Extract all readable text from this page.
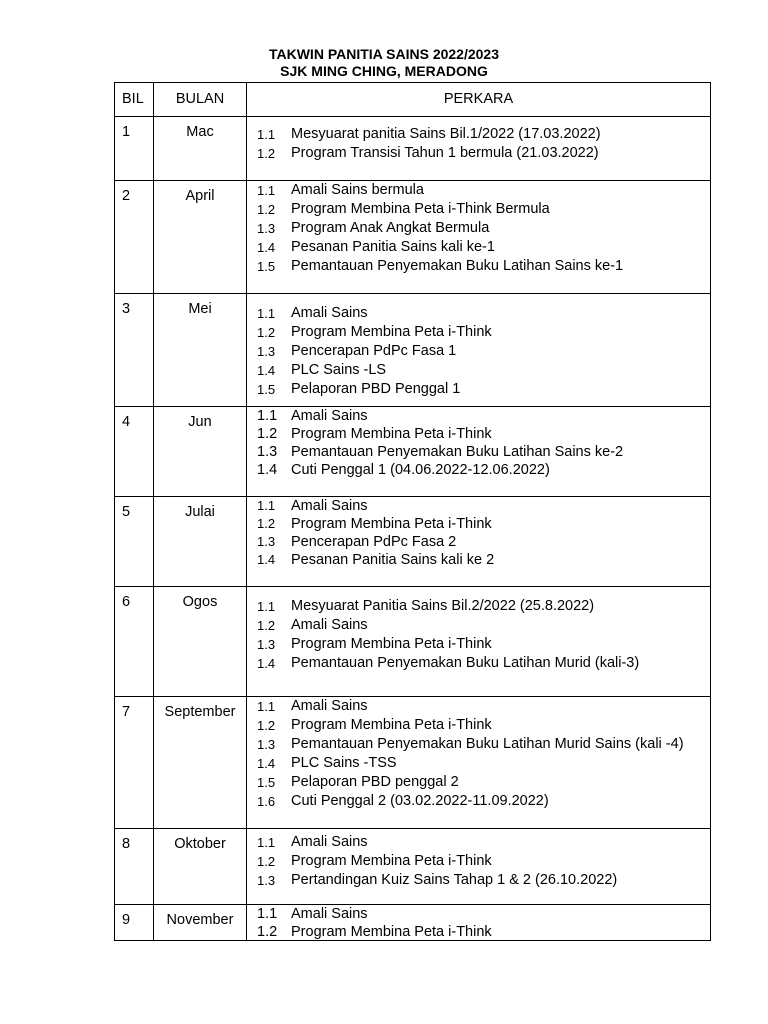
TAKWIN PANITIA SAINS 2022/2023
SJK MING CHING, MERADONG
BIL	BULAN	PERKARA
1	Mac	1.1	Mesyuarat panitia Sains Bil.1/2022 (17.03.2022)
1.2	Program Transisi Tahun 1 bermula (21.03.2022)
2	April	1.1	Amali Sains bermula
1.2	Program Membina Peta i-Think Bermula
1.3	Program Anak Angkat Bermula
1.4	Pesanan Panitia Sains kali ke-1
1.5	Pemantauan Penyemakan Buku Latihan Sains ke-1
3	Mei	1.1	Amali Sains
1.2	Program Membina Peta i-Think
1.3	Pencerapan PdPc Fasa 1
1.4	PLC Sains -LS
1.5	Pelaporan PBD Penggal 1
4	Jun	1.1 Amali Sains
1.2 Program Membina Peta i-Think
1.3 Pemantauan Penyemakan Buku Latihan Sains ke-2
1.4 Cuti Penggal 1 (04.06.2022-12.06.2022)
5	Julai	1.1	Amali Sains
1.2	Program Membina Peta i-Think
1.3	Pencerapan PdPc Fasa 2
1.4	Pesanan Panitia Sains kali ke 2
6	Ogos	1.1	Mesyuarat Panitia Sains Bil.2/2022 (25.8.2022)
1.2	Amali Sains
1.3	Program Membina Peta i-Think
1.4	Pemantauan Penyemakan Buku Latihan Murid (kali-3)
7	September	1.1	Amali Sains
1.2	Program Membina Peta i-Think
1.3	Pemantauan Penyemakan Buku Latihan Murid Sains (kali -4)
1.4	PLC Sains -TSS
1.5	Pelaporan PBD penggal 2
1.6	Cuti Penggal 2 (03.02.2022-11.09.2022)
8	Oktober	1.1	Amali Sains
1.2	Program Membina Peta i-Think
1.3	Pertandingan Kuiz Sains Tahap 1 & 2 (26.10.2022)
9	November	1.1 Amali Sains
1.2 Program Membina Peta i-Think
